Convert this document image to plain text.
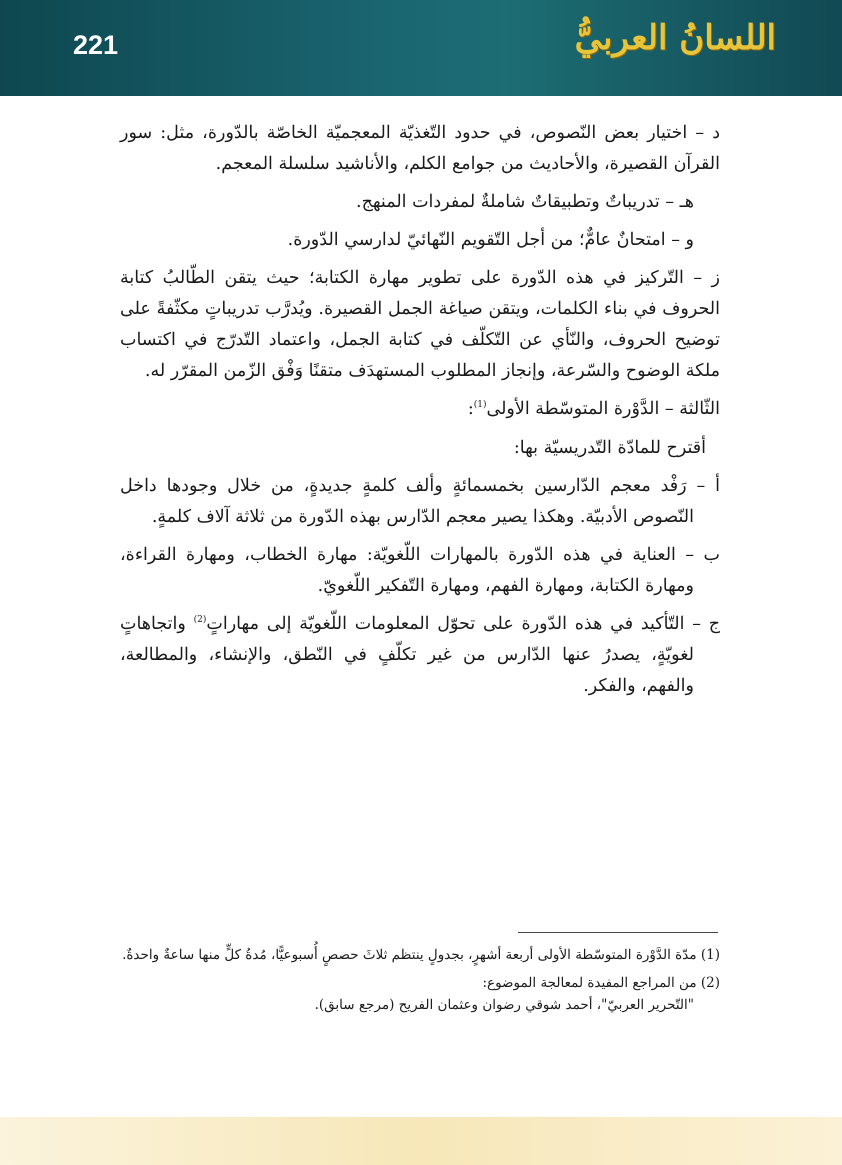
221	اللسانُ العربيُّ

د – اختيار بعض النّصوص، في حدود التّغذيّة المعجميّة الخاصّة بالدّورة، مثل: سور القرآن القصيرة، والأحاديث من جوامع الكلم، والأناشيد سلسلة المعجم.

هـ – تدريباتٌ وتطبيقاتٌ شاملةٌ لمفردات المنهج.

و – امتحانٌ عامٌّ؛ من أجل التّقويم النّهائيّ لدارسي الدّورة.

ز – التّركيز في هذه الدّورة على تطوير مهارة الكتابة؛ حيث يتقن الطّالبُ كتابة الحروف في بناء الكلمات، ويتقن صياغة الجمل القصيرة. ويُدرَّب تدريباتٍ مكثّفةً على توضيح الحروف، والنّأي عن التّكلّف في كتابة الجمل، واعتماد التّدرّج في اكتساب ملكة الوضوح والسّرعة، وإنجاز المطلوب المستهدَف متقنًا وَفْق الزّمن المقرّر له.

الثّالثة – الدَّوْرة المتوسّطة الأولى$^{(1)}$:

أقترح للمادّة التّدريسيّة بها:

أ – رَفْد معجم الدّارسين بخمسمائةٍ وألف كلمةٍ جديدةٍ، من خلال وجودها داخل النّصوص الأدبيّة. وهكذا يصير معجم الدّارس بهذه الدّورة من ثلاثة آلاف كلمةٍ.

ب – العناية في هذه الدّورة بالمهارات اللّغويّة: مهارة الخطاب، ومهارة القراءة، ومهارة الكتابة، ومهارة الفهم، ومهارة التّفكير اللّغويّ.

ج – التّأكيد في هذه الدّورة على تحوّل المعلومات اللّغويّة إلى مهاراتٍ$^{(2)}$ واتجاهاتٍ لغويّةٍ، يصدرُ عنها الدّارس من غير تكلّفٍ في النّطق، والإنشاء، والمطالعة، والفهم، والفكر.

(1) مدّة الدَّوْرة المتوسّطة الأولى أربعة أشهرٍ، بجدولٍ ينتظم ثلاثَ حصصٍ أُسبوعيًّا، مُدةُ كلٍّ منها ساعةٌ واحدةٌ.

(2) من المراجع المفيدة لمعالجة الموضوع:

"التّحرير العربيّ"، أحمد شوقي رضوان وعثمان الفريح (مرجع سابق).
